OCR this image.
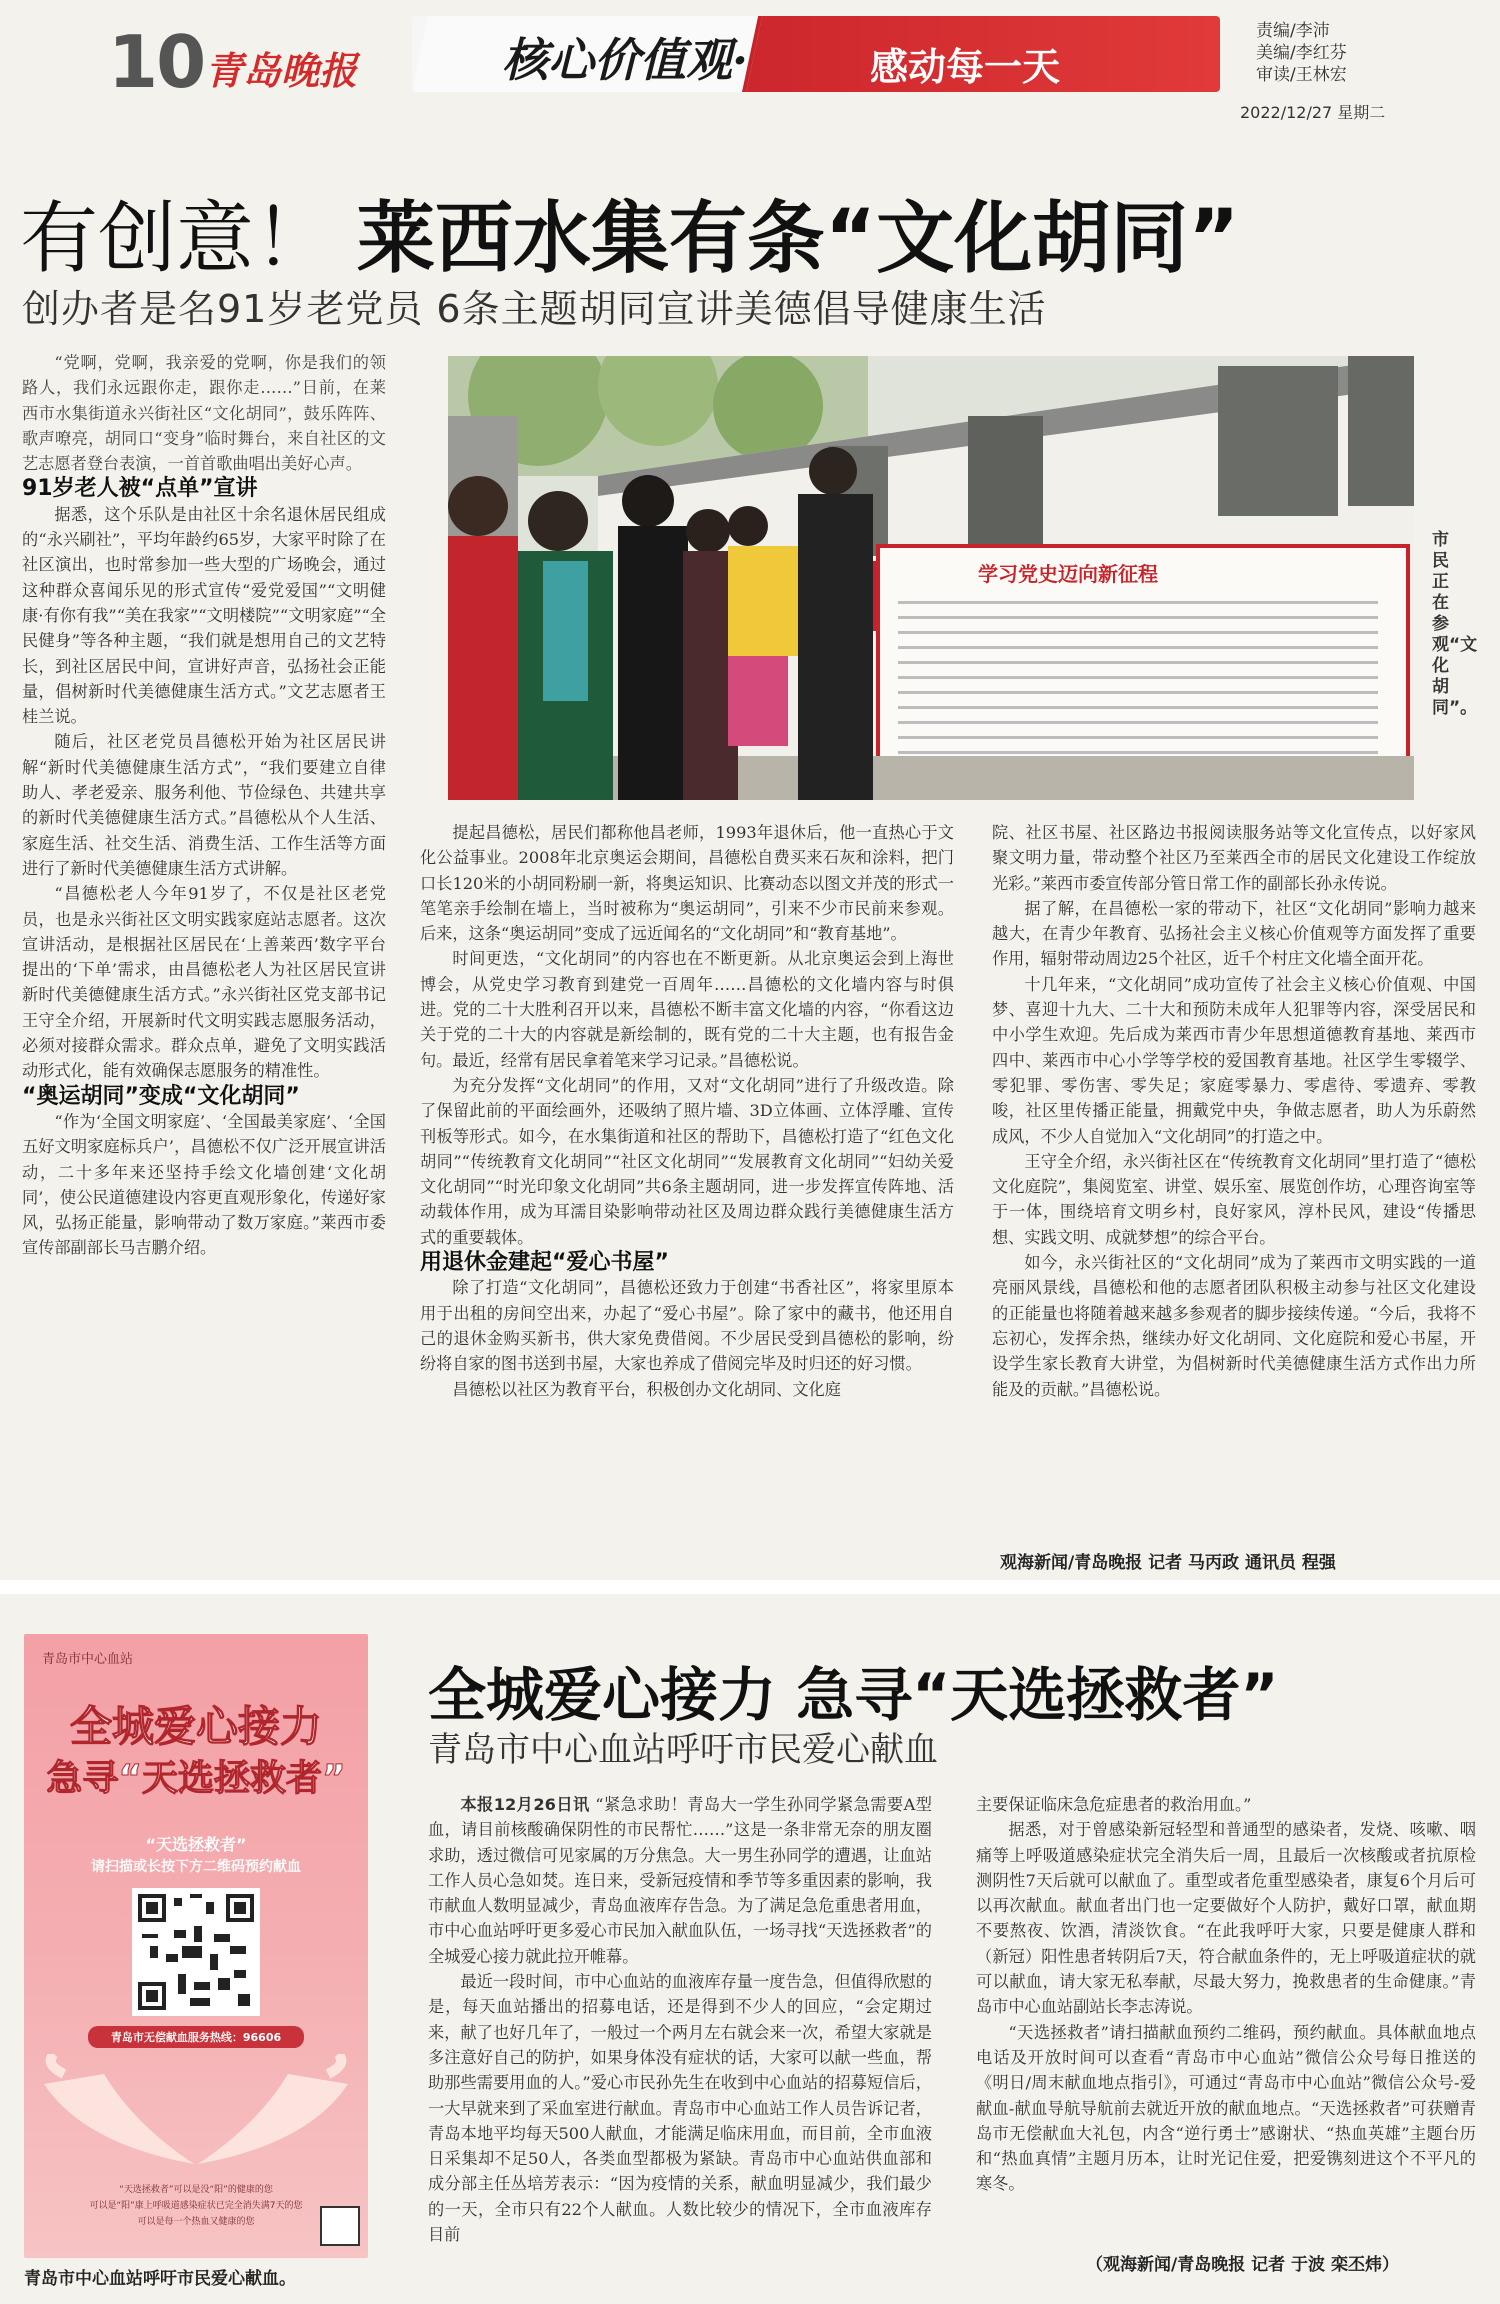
10 青岛晚报	核心价值观·	感动每一天
责编/李沛
美编/李红芬
审读/王林宏
2022/12/27 星期二
有创意！ 莱西水集有条“文化胡同”
创办者是名91岁老党员 6条主题胡同宣讲美德倡导健康生活

“党啊，党啊，我亲爱的党啊，你是我们的领路人，我们永远跟你走，跟你走……”日前，在莱西市水集街道永兴街社区“文化胡同”，鼓乐阵阵、歌声嘹亮，胡同口“变身”临时舞台，来自社区的文艺志愿者登台表演，一首首歌曲唱出美好心声。

91岁老人被“点单”宣讲

据悉，这个乐队是由社区十余名退休居民组成的“永兴刷社”，平均年龄约65岁，大家平时除了在社区演出，也时常参加一些大型的广场晚会，通过这种群众喜闻乐见的形式宣传“爱党爱国”“文明健康·有你有我”“美在我家”“文明楼院”“文明家庭”“全民健身”等各种主题，“我们就是想用自己的文艺特长，到社区居民中间，宣讲好声音，弘扬社会正能量，倡树新时代美德健康生活方式。”文艺志愿者王桂兰说。

随后，社区老党员昌德松开始为社区居民讲解“新时代美德健康生活方式”，“我们要建立自律助人、孝老爱亲、服务利他、节俭绿色、共建共享的新时代美德健康生活方式。”昌德松从个人生活、家庭生活、社交生活、消费生活、工作生活等方面进行了新时代美德健康生活方式讲解。

“昌德松老人今年91岁了，不仅是社区老党员，也是永兴街社区文明实践家庭站志愿者。这次宣讲活动，是根据社区居民在‘上善莱西’数字平台提出的‘下单’需求，由昌德松老人为社区居民宣讲新时代美德健康生活方式。”永兴街社区党支部书记王守全介绍，开展新时代文明实践志愿服务活动，必须对接群众需求。群众点单，避免了文明实践活动形式化，能有效确保志愿服务的精准性。

“奥运胡同”变成“文化胡同”

“作为‘全国文明家庭’、‘全国最美家庭’、‘全国五好文明家庭标兵户’，昌德松不仅广泛开展宣讲活动，二十多年来还坚持手绘文化墙创建‘文化胡同’，使公民道德建设内容更直观形象化，传递好家风，弘扬正能量，影响带动了数万家庭。”莱西市委宣传部副部长马吉鹏介绍。

学习党史迈向新征程
市民正在参观“文化胡同”。

提起昌德松，居民们都称他昌老师，1993年退休后，他一直热心于文化公益事业。2008年北京奥运会期间，昌德松自费买来石灰和涂料，把门口长120米的小胡同粉刷一新，将奥运知识、比赛动态以图文并茂的形式一笔笔亲手绘制在墙上，当时被称为“奥运胡同”，引来不少市民前来参观。后来，这条“奥运胡同”变成了远近闻名的“文化胡同”和“教育基地”。

时间更迭，“文化胡同”的内容也在不断更新。从北京奥运会到上海世博会，从党史学习教育到建党一百周年……昌德松的文化墙内容与时俱进。党的二十大胜利召开以来，昌德松不断丰富文化墙的内容，“你看这边关于党的二十大的内容就是新绘制的，既有党的二十大主题，也有报告金句。最近，经常有居民拿着笔来学习记录。”昌德松说。

为充分发挥“文化胡同”的作用，又对“文化胡同”进行了升级改造。除了保留此前的平面绘画外，还吸纳了照片墙、3D立体画、立体浮雕、宣传刊板等形式。如今，在水集街道和社区的帮助下，昌德松打造了“红色文化胡同”“传统教育文化胡同”“社区文化胡同”“发展教育文化胡同”“妇幼关爱文化胡同”“时光印象文化胡同”共6条主题胡同，进一步发挥宣传阵地、活动载体作用，成为耳濡目染影响带动社区及周边群众践行美德健康生活方式的重要载体。

用退休金建起“爱心书屋”

除了打造“文化胡同”，昌德松还致力于创建“书香社区”，将家里原本用于出租的房间空出来，办起了“爱心书屋”。除了家中的藏书，他还用自己的退休金购买新书，供大家免费借阅。不少居民受到昌德松的影响，纷纷将自家的图书送到书屋，大家也养成了借阅完毕及时归还的好习惯。

昌德松以社区为教育平台，积极创办文化胡同、文化庭

院、社区书屋、社区路边书报阅读服务站等文化宣传点，以好家风聚文明力量，带动整个社区乃至莱西全市的居民文化建设工作绽放光彩。”莱西市委宣传部分管日常工作的副部长孙永传说。

据了解，在昌德松一家的带动下，社区“文化胡同”影响力越来越大，在青少年教育、弘扬社会主义核心价值观等方面发挥了重要作用，辐射带动周边25个社区，近千个村庄文化墙全面开花。

十几年来，“文化胡同”成功宣传了社会主义核心价值观、中国梦、喜迎十九大、二十大和预防未成年人犯罪等内容，深受居民和中小学生欢迎。先后成为莱西市青少年思想道德教育基地、莱西市四中、莱西市中心小学等学校的爱国教育基地。社区学生零辍学、零犯罪、零伤害、零失足；家庭零暴力、零虐待、零遗弃、零教唆，社区里传播正能量，拥戴党中央，争做志愿者，助人为乐蔚然成风，不少人自觉加入“文化胡同”的打造之中。

王守全介绍，永兴街社区在“传统教育文化胡同”里打造了“德松文化庭院”，集阅览室、讲堂、娱乐室、展览创作坊，心理咨询室等于一体，围绕培育文明乡村，良好家风，淳朴民风，建设“传播思想、实践文明、成就梦想”的综合平台。

如今，永兴街社区的“文化胡同”成为了莱西市文明实践的一道亮丽风景线，昌德松和他的志愿者团队积极主动参与社区文化建设的正能量也将随着越来越多参观者的脚步接续传递。“今后，我将不忘初心，发挥余热，继续办好文化胡同、文化庭院和爱心书屋，开设学生家长教育大讲堂，为倡树新时代美德健康生活方式作出力所能及的贡献。”昌德松说。

观海新闻/青岛晚报 记者 马丙政 通讯员 程强
青岛市中心血站
全城爱心接力
急寻“天选拯救者”
“天选拯救者”
请扫描或长按下方二维码预约献血
青岛市无偿献血服务热线：96606
“天选拯救者”可以是没“阳”的健康的您
可以是“阳”康上呼吸道感染症状已完全消失满7天的您
可以是每一个热血又健康的您
青岛市中心血站呼吁市民爱心献血。
全城爱心接力 急寻“天选拯救者”
青岛市中心血站呼吁市民爱心献血

本报12月26日讯 “紧急求助！青岛大一学生孙同学紧急需要A型血，请目前核酸确保阴性的市民帮忙……”这是一条非常无奈的朋友圈求助，透过微信可见家属的万分焦急。大一男生孙同学的遭遇，让血站工作人员心急如焚。连日来，受新冠疫情和季节等多重因素的影响，我市献血人数明显减少，青岛血液库存告急。为了满足急危重患者用血，市中心血站呼吁更多爱心市民加入献血队伍，一场寻找“天选拯救者”的全城爱心接力就此拉开帷幕。

最近一段时间，市中心血站的血液库存量一度告急，但值得欣慰的是，每天血站播出的招募电话，还是得到不少人的回应，“会定期过来，献了也好几年了，一般过一个两月左右就会来一次，希望大家就是多注意好自己的防护，如果身体没有症状的话，大家可以献一些血，帮助那些需要用血的人。”爱心市民孙先生在收到中心血站的招募短信后，一大早就来到了采血室进行献血。青岛市中心血站工作人员告诉记者，青岛本地平均每天500人献血，才能满足临床用血，而目前，全市血液日采集却不足50人，各类血型都极为紧缺。青岛市中心血站供血部和成分部主任丛培芳表示：“因为疫情的关系，献血明显减少，我们最少的一天，全市只有22个人献血。人数比较少的情况下，全市血液库存目前

主要保证临床急危症患者的救治用血。”

据悉，对于曾感染新冠轻型和普通型的感染者，发烧、咳嗽、咽痛等上呼吸道感染症状完全消失后一周，且最后一次核酸或者抗原检测阴性7天后就可以献血了。重型或者危重型感染者，康复6个月后可以再次献血。献血者出门也一定要做好个人防护，戴好口罩，献血期不要熬夜、饮酒，清淡饮食。“在此我呼吁大家，只要是健康人群和（新冠）阳性患者转阴后7天，符合献血条件的，无上呼吸道症状的就可以献血，请大家无私奉献，尽最大努力，挽救患者的生命健康。”青岛市中心血站副站长李志涛说。

“天选拯救者”请扫描献血预约二维码，预约献血。具体献血地点电话及开放时间可以查看“青岛市中心血站”微信公众号每日推送的《明日/周末献血地点指引》，可通过“青岛市中心血站”微信公众号-爱献血-献血导航导航前去就近开放的献血地点。“天选拯救者”可获赠青岛市无偿献血大礼包，内含“逆行勇士”感谢状、“热血英雄”主题台历和“热血真情”主题月历本，让时光记住爱，把爱镌刻进这个不平凡的寒冬。

（观海新闻/青岛晚报 记者 于波 栾丕炜）
